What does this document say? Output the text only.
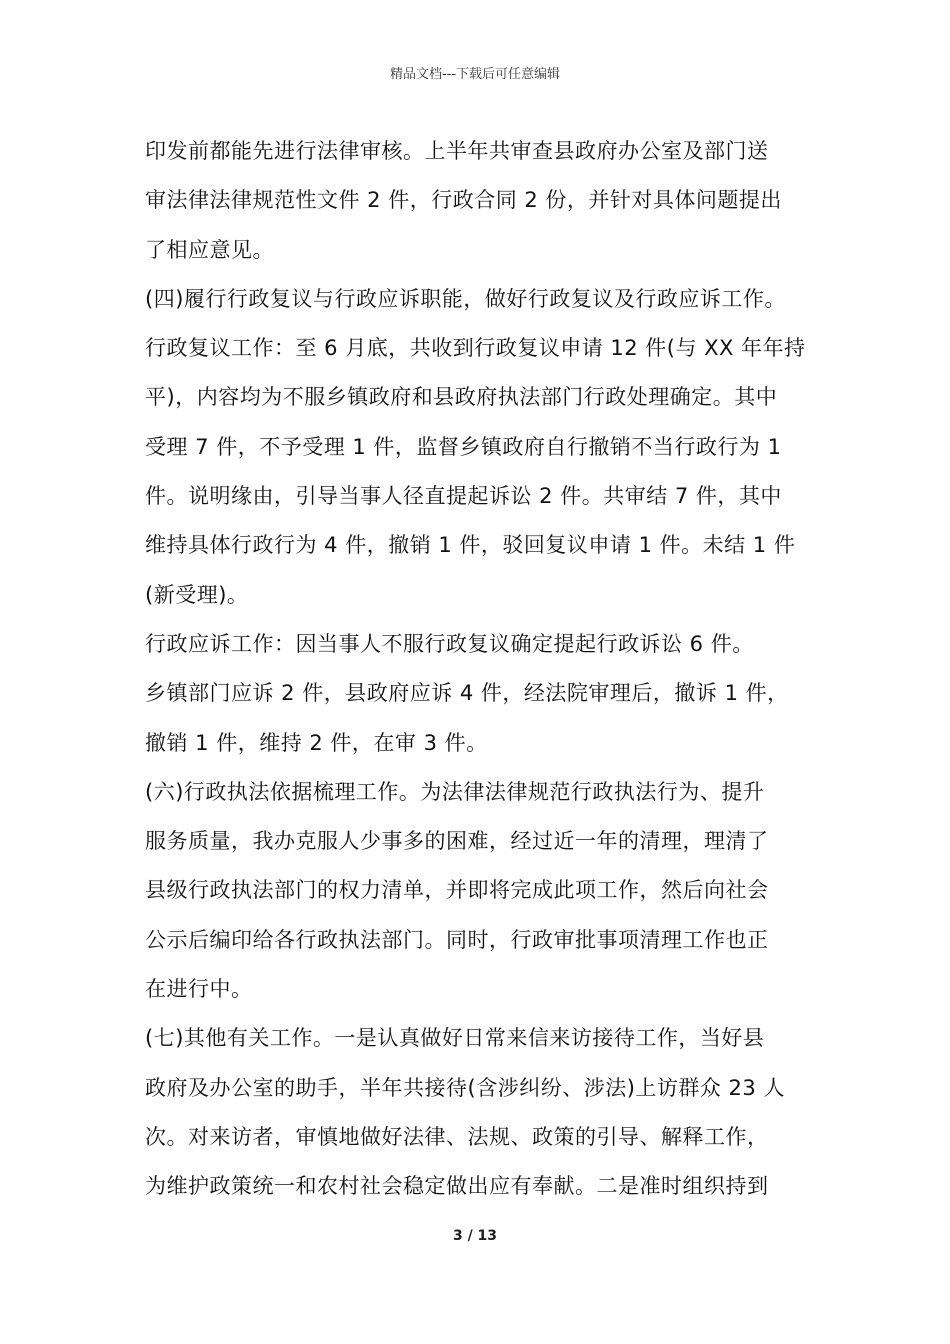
精品文档---下载后可任意编辑
印发前都能先进行法律审核。上半年共审查县政府办公室及部门送
审法律法律规范性文件 2 件，行政合同 2 份，并针对具体问题提出
了相应意见。
(四)履行行政复议与行政应诉职能，做好行政复议及行政应诉工作。
行政复议工作：至 6 月底，共收到行政复议申请 12 件(与 XX 年年持
平)，内容均为不服乡镇政府和县政府执法部门行政处理确定。其中
受理 7 件，不予受理 1 件，监督乡镇政府自行撤销不当行政行为 1
件。说明缘由，引导当事人径直提起诉讼 2 件。共审结 7 件，其中
维持具体行政行为 4 件，撤销 1 件，驳回复议申请 1 件。未结 1 件
(新受理)。
行政应诉工作：因当事人不服行政复议确定提起行政诉讼 6 件。
乡镇部门应诉 2 件，县政府应诉 4 件，经法院审理后，撤诉 1 件，
撤销 1 件，维持 2 件，在审 3 件。
(六)行政执法依据梳理工作。为法律法律规范行政执法行为、提升
服务质量，我办克服人少事多的困难，经过近一年的清理，理清了
县级行政执法部门的权力清单，并即将完成此项工作，然后向社会
公示后编印给各行政执法部门。同时，行政审批事项清理工作也正
在进行中。
(七)其他有关工作。一是认真做好日常来信来访接待工作，当好县
政府及办公室的助手，半年共接待(含涉纠纷、涉法)上访群众 23 人
次。对来访者，审慎地做好法律、法规、政策的引导、解释工作，
为维护政策统一和农村社会稳定做出应有奉献。二是准时组织持到
3 / 13
